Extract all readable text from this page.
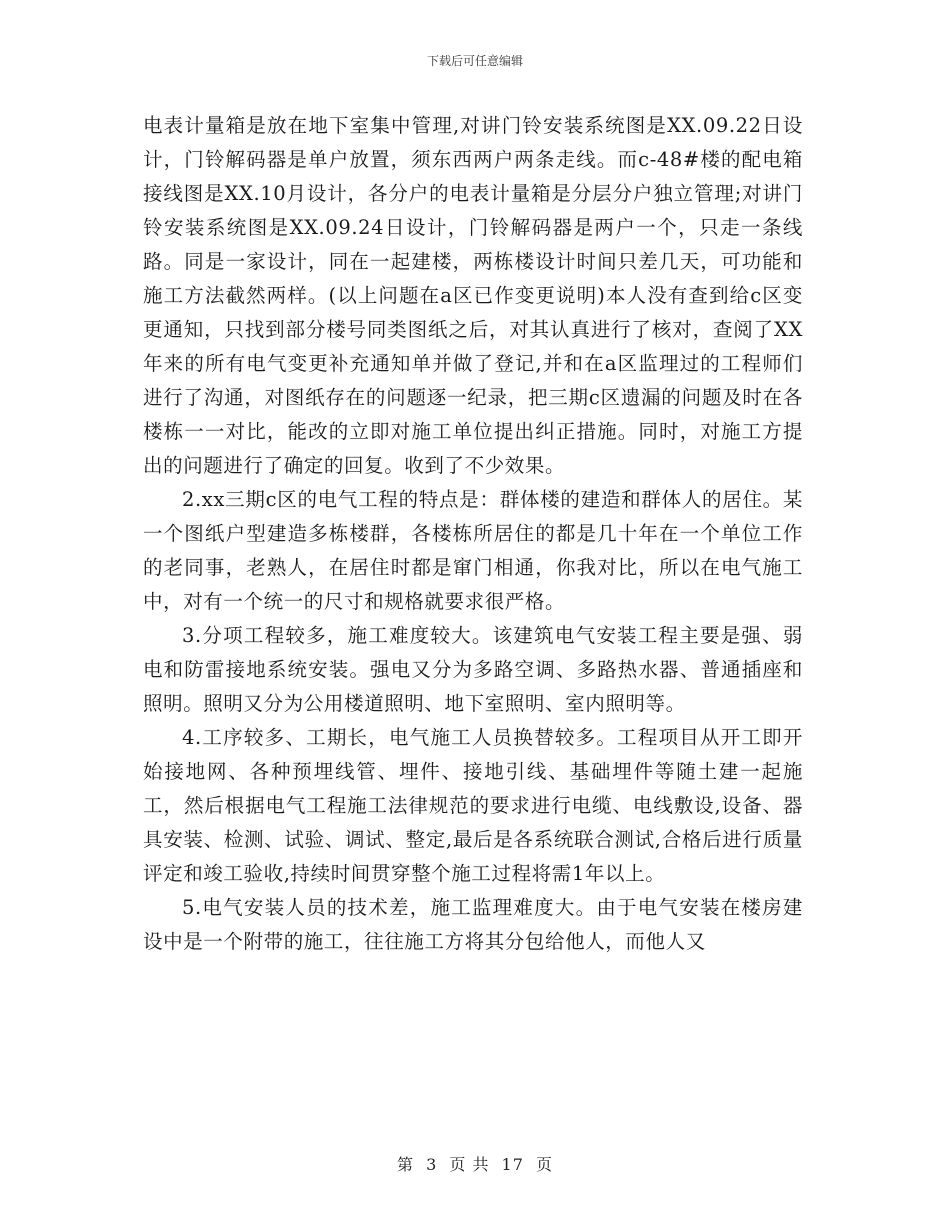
下载后可任意编辑

电表计量箱是放在地下室集中管理,对讲门铃安装系统图是XX.09.22日设计，门铃解码器是单户放置，须东西两户两条走线。而c-48#楼的配电箱接线图是XX.10月设计，各分户的电表计量箱是分层分户独立管理;对讲门铃安装系统图是XX.09.24日设计，门铃解码器是两户一个，只走一条线路。同是一家设计，同在一起建楼，两栋楼设计时间只差几天，可功能和施工方法截然两样。(以上问题在a区已作变更说明)本人没有查到给c区变更通知，只找到部分楼号同类图纸之后，对其认真进行了核对，查阅了XX年来的所有电气变更补充通知单并做了登记,并和在a区监理过的工程师们进行了沟通，对图纸存在的问题逐一纪录，把三期c区遗漏的问题及时在各楼栋一一对比，能改的立即对施工单位提出纠正措施。同时，对施工方提出的问题进行了确定的回复。收到了不少效果。

2.xx三期c区的电气工程的特点是：群体楼的建造和群体人的居住。某一个图纸户型建造多栋楼群，各楼栋所居住的都是几十年在一个单位工作的老同事，老熟人，在居住时都是窜门相通，你我对比，所以在电气施工中，对有一个统一的尺寸和规格就要求很严格。

3.分项工程较多，施工难度较大。该建筑电气安装工程主要是强、弱电和防雷接地系统安装。强电又分为多路空调、多路热水器、普通插座和照明。照明又分为公用楼道照明、地下室照明、室内照明等。

4.工序较多、工期长，电气施工人员换替较多。工程项目从开工即开始接地网、各种预埋线管、埋件、接地引线、基础埋件等随土建一起施工，然后根据电气工程施工法律规范的要求进行电缆、电线敷设,设备、器具安装、检测、试验、调试、整定,最后是各系统联合测试,合格后进行质量评定和竣工验收,持续时间贯穿整个施工过程将需1年以上。

5.电气安装人员的技术差，施工监理难度大。由于电气安装在楼房建设中是一个附带的施工，往往施工方将其分包给他人，而他人又

第 3 页 共 17 页
